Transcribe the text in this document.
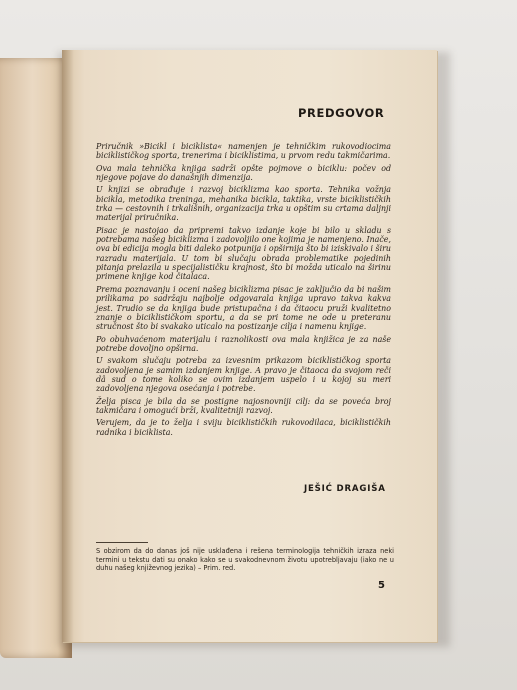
PREDGOVOR

Priručnik »Bicikl i biciklista« namenjen je tehničkim rukovodiocima biciklističkog sporta, trenerima i biciklistima, u prvom redu takmičarima.

Ova mala tehnička knjiga sadrži opšte pojmove o biciklu: počev od njegove pojave do današnjih dimenzija.

U knjizi se obrađuje i razvoj biciklizma kao sporta. Tehnika vožnja bicikla, metodika treninga, mehanika bicikla, taktika, vrste biciklističkih trka — cestovnih i trkališnih, organizacija trka u opštim su crtama daljnji materijal priručnika.

Pisac je nastojao da pripremi takvo izdanje koje bi bilo u skladu s potrebama našeg biciklizma i zadovoljilo one kojima je namenjeno. Inače, ova bi edicija mogla biti daleko potpunija i opširnija što bi iziskivalo i širu razradu materijala. U tom bi slučaju obrada problematike pojedinih pitanja prelazila u specijalističku krajnost, što bi možda uticalo na širinu primene knjige kod čitalaca.

Prema poznavanju i oceni našeg biciklizma pisac je zaključio da bi našim prilikama po sadržaju najbolje odgovarala knjiga upravo takva kakva jest. Trudio se da knjiga bude pristupačna i da čitaocu pruži kvalitetno znanje o biciklističkom sportu, a da se pri tome ne ode u preteranu stručnost što bi svakako uticalo na postizanje cilja i namenu knjige.

Po obuhvaćenom materijalu i raznolikosti ova mala knjižica je za naše potrebe dovoljno opširna.

U svakom slučaju potreba za izvesnim prikazom biciklističkog sporta zadovoljena je samim izdanjem knjige. A pravo je čitaoca da svojom reči dâ sud o tome koliko se ovim izdanjem uspelo i u kojoj su meri zadovoljena njegova osećanja i potrebe.

Želja pisca je bila da se postigne najosnovniji cilj: da se poveća broj takmičara i omogući brži, kvalitetniji razvoj.

Verujem, da je to želja i sviju biciklističkih rukovodilaca, biciklističkih radnika i biciklista.

JEŠIĆ DRAGIŠA
S obzirom da do danas još nije usklađena i rešena terminologija tehničkih izraza neki termini u tekstu dati su onako kako se u svakodnevnom životu upotrebljavaju (iako ne u duhu našeg književnog jezika) – Prim. red.
5
